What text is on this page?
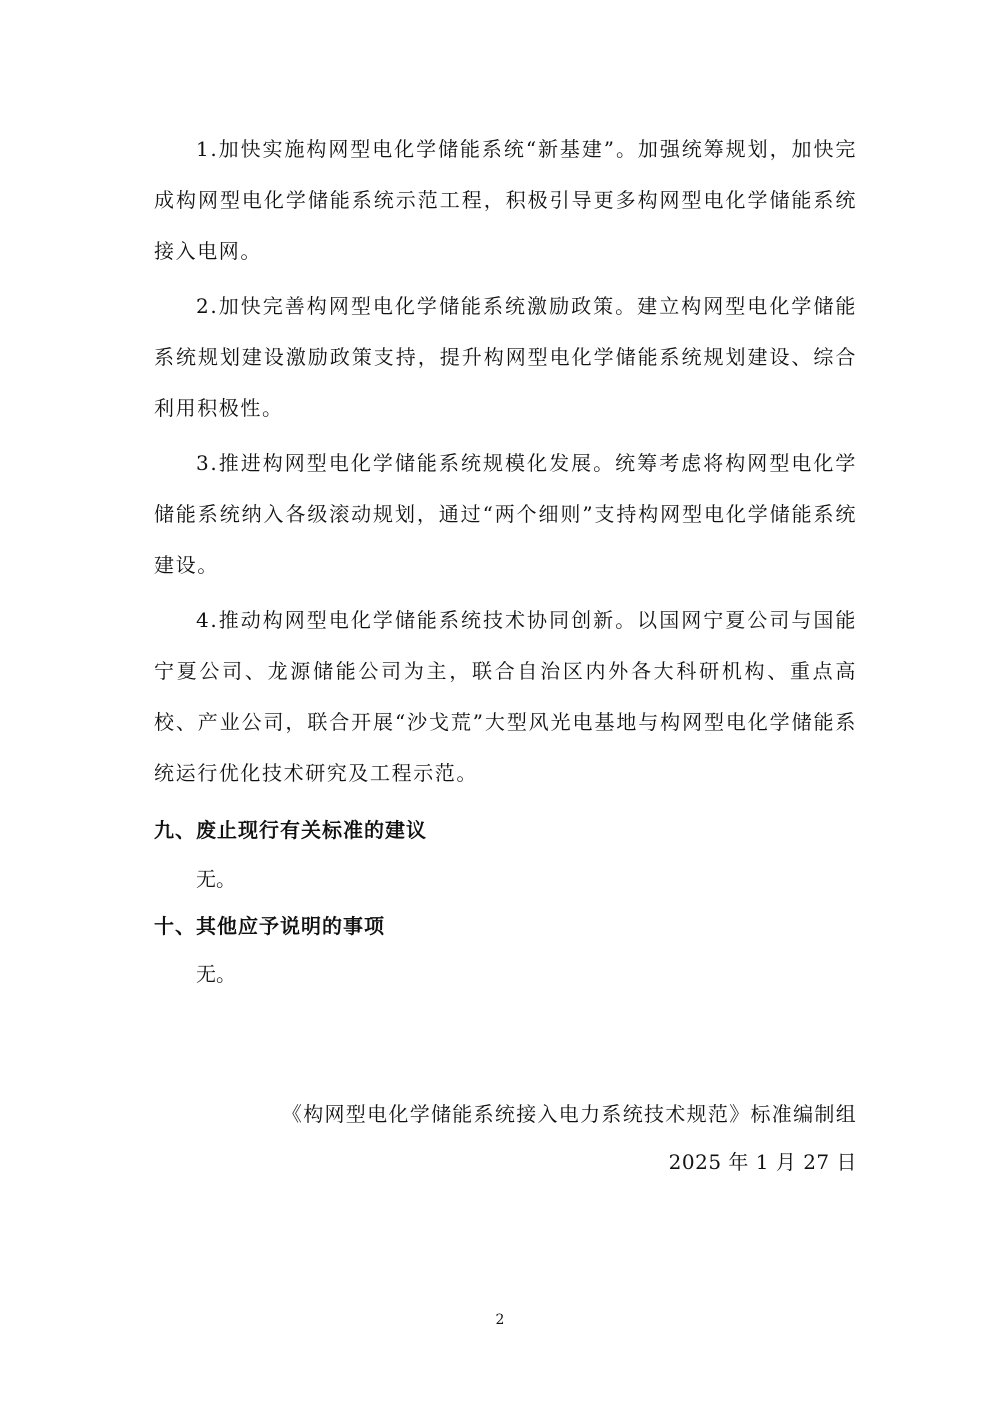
1.加快实施构网型电化学储能系统“新基建”。加强统筹规划，加快完成构网型电化学储能系统示范工程，积极引导更多构网型电化学储能系统接入电网。

2.加快完善构网型电化学储能系统激励政策。建立构网型电化学储能系统规划建设激励政策支持，提升构网型电化学储能系统规划建设、综合利用积极性。

3.推进构网型电化学储能系统规模化发展。统筹考虑将构网型电化学储能系统纳入各级滚动规划，通过“两个细则”支持构网型电化学储能系统建设。

4.推动构网型电化学储能系统技术协同创新。以国网宁夏公司与国能宁夏公司、龙源储能公司为主，联合自治区内外各大科研机构、重点高校、产业公司，联合开展“沙戈荒”大型风光电基地与构网型电化学储能系统运行优化技术研究及工程示范。

九、废止现行有关标准的建议

无。

十、其他应予说明的事项

无。

《构网型电化学储能系统接入电力系统技术规范》标准编制组

2025 年 1 月 27 日

2
